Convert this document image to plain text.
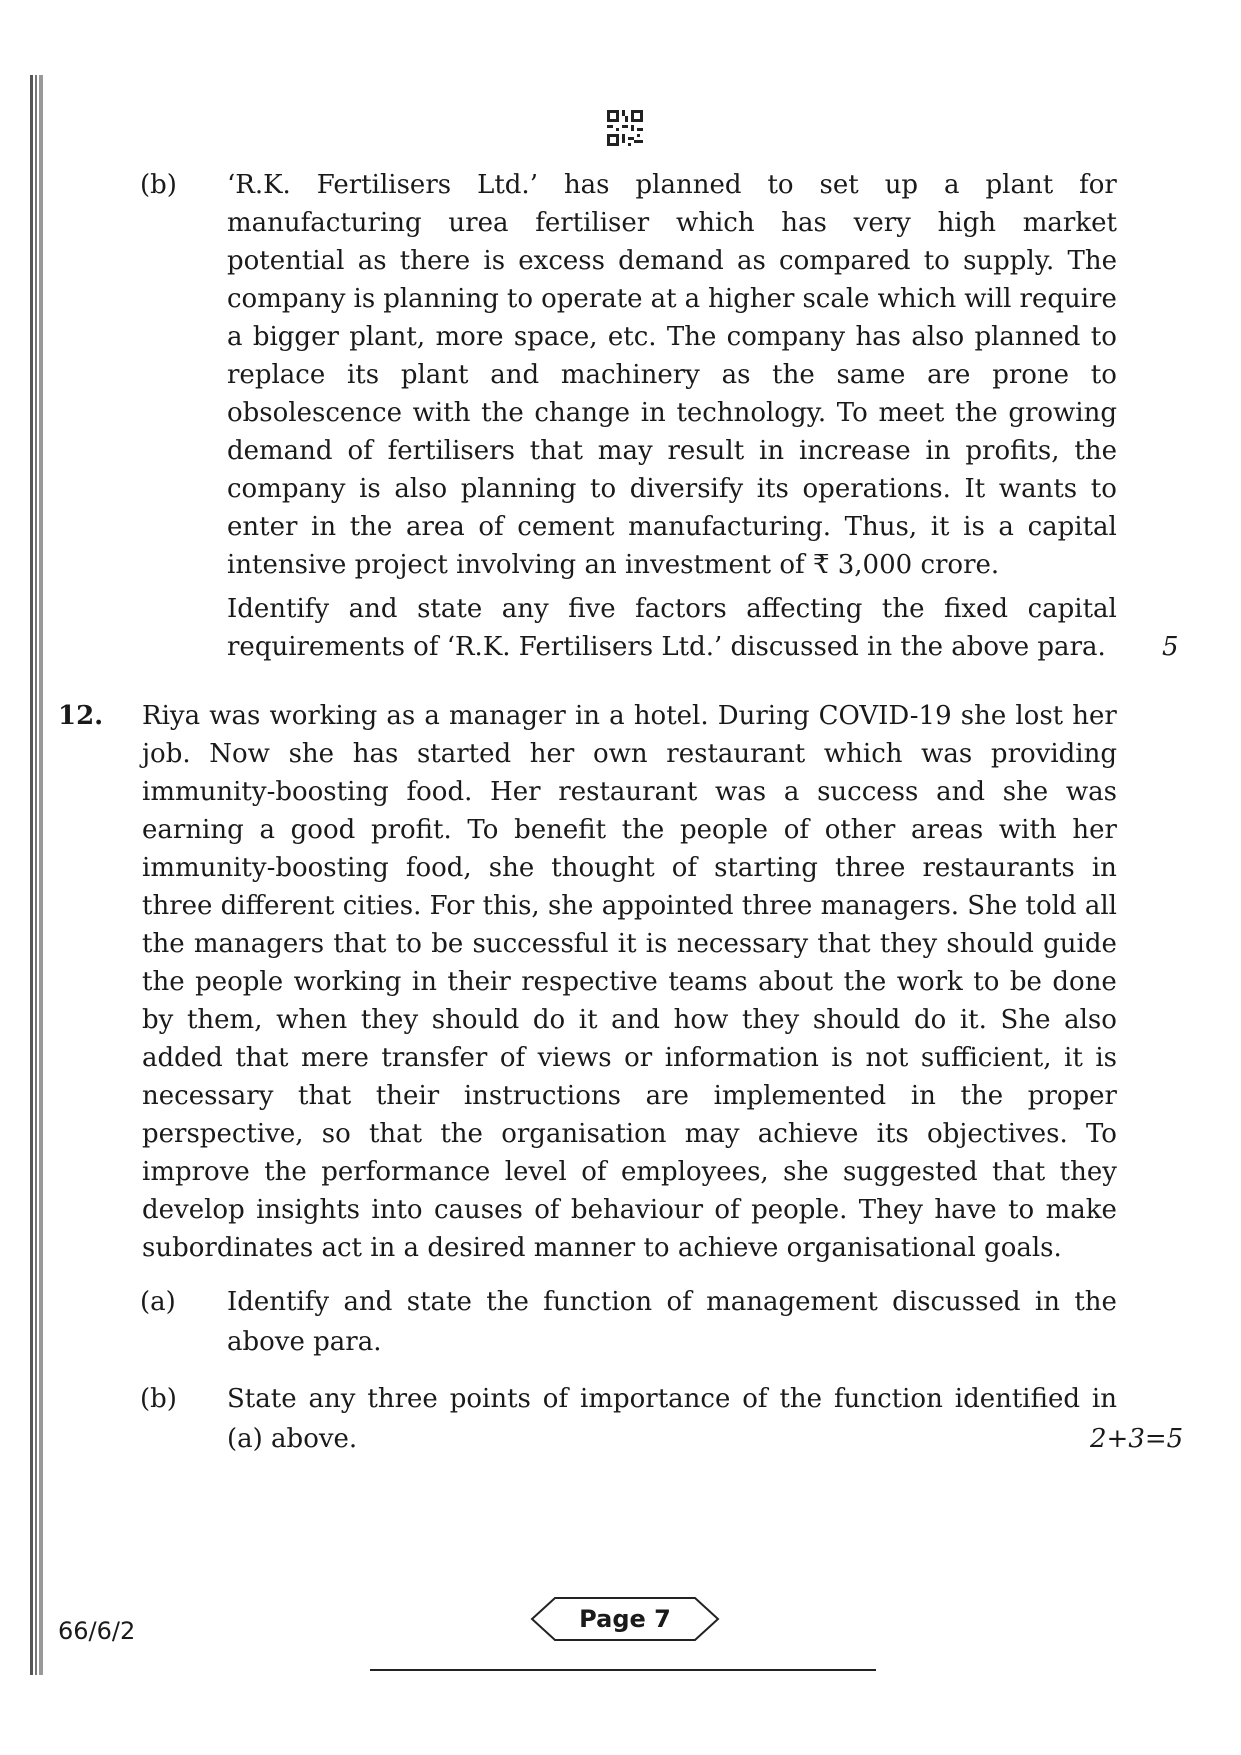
(b) ‘R.K. Fertilisers Ltd.’ has planned to set up a plant for
manufacturing urea fertiliser which has very high market
potential as there is excess demand as compared to supply. The
company is planning to operate at a higher scale which will require
a bigger plant, more space, etc. The company has also planned to
replace its plant and machinery as the same are prone to
obsolescence with the change in technology. To meet the growing
demand of fertilisers that may result in increase in profits, the
company is also planning to diversify its operations. It wants to
enter in the area of cement manufacturing. Thus, it is a capital
intensive project involving an investment of ₹ 3,000 crore.
Identify and state any five factors affecting the fixed capital
requirements of ‘R.K. Fertilisers Ltd.’ discussed in the above para. 5
12. Riya was working as a manager in a hotel. During COVID-19 she lost her
job. Now she has started her own restaurant which was providing
immunity-boosting food. Her restaurant was a success and she was
earning a good profit. To benefit the people of other areas with her
immunity-boosting food, she thought of starting three restaurants in
three different cities. For this, she appointed three managers. She told all
the managers that to be successful it is necessary that they should guide
the people working in their respective teams about the work to be done
by them, when they should do it and how they should do it. She also
added that mere transfer of views or information is not sufficient, it is
necessary that their instructions are implemented in the proper
perspective, so that the organisation may achieve its objectives. To
improve the performance level of employees, she suggested that they
develop insights into causes of behaviour of people. They have to make
subordinates act in a desired manner to achieve organisational goals.
(a) Identify and state the function of management discussed in the
above para.
(b) State any three points of importance of the function identified in
(a) above.	2+3=5
66/6/2	Page 7
